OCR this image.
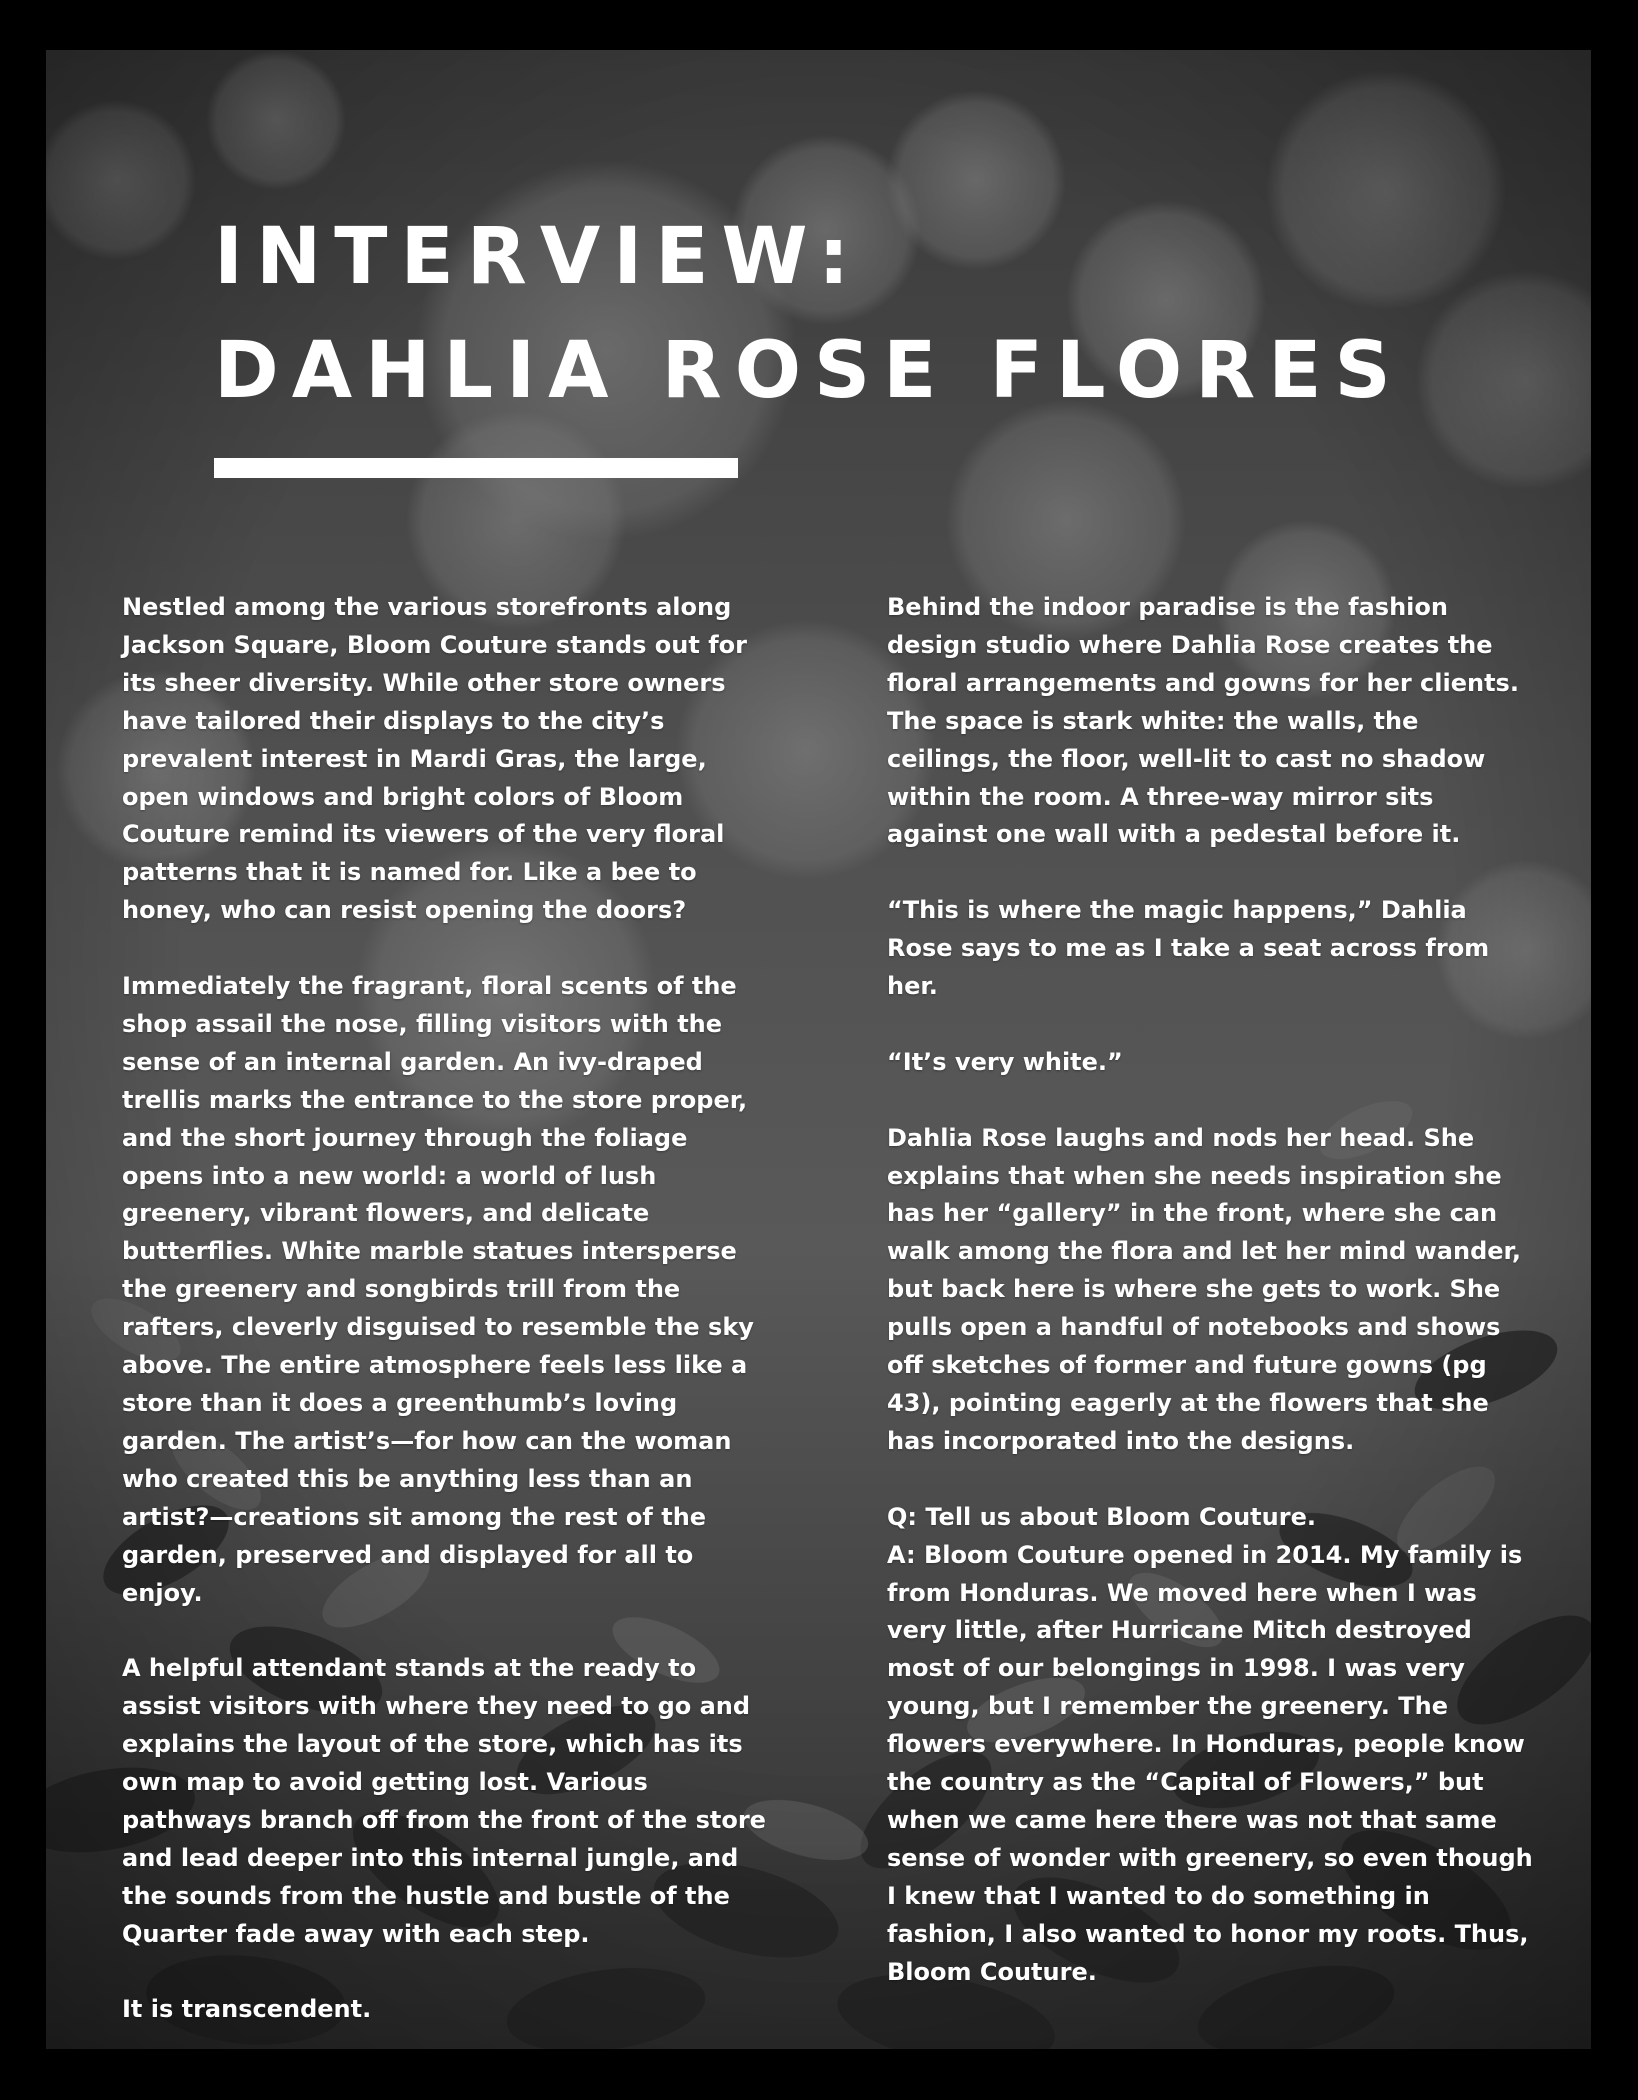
INTERVIEW:
DAHLIA ROSE FLORES

Nestled among the various storefronts along Jackson Square, Bloom Couture stands out for its sheer diversity. While other store owners have tailored their displays to the city’s prevalent interest in Mardi Gras, the large, open windows and bright colors of Bloom Couture remind its viewers of the very floral patterns that it is named for. Like a bee to honey, who can resist opening the doors?

Immediately the fragrant, floral scents of the shop assail the nose, filling visitors with the sense of an internal garden. An ivy-draped trellis marks the entrance to the store proper, and the short journey through the foliage opens into a new world: a world of lush greenery, vibrant flowers, and delicate butterflies. White marble statues intersperse the greenery and songbirds trill from the rafters, cleverly disguised to resemble the sky above. The entire atmosphere feels less like a store than it does a greenthumb’s loving garden. The artist’s—for how can the woman who created this be anything less than an artist?—creations sit among the rest of the garden, preserved and displayed for all to enjoy.

A helpful attendant stands at the ready to assist visitors with where they need to go and explains the layout of the store, which has its own map to avoid getting lost. Various pathways branch off from the front of the store and lead deeper into this internal jungle, and the sounds from the hustle and bustle of the Quarter fade away with each step.

It is transcendent.

Behind the indoor paradise is the fashion design studio where Dahlia Rose creates the floral arrangements and gowns for her clients. The space is stark white: the walls, the ceilings, the floor, well-lit to cast no shadow within the room. A three-way mirror sits against one wall with a pedestal before it.

“This is where the magic happens,” Dahlia Rose says to me as I take a seat across from her.

“It’s very white.”

Dahlia Rose laughs and nods her head. She explains that when she needs inspiration she has her “gallery” in the front, where she can walk among the flora and let her mind wander, but back here is where she gets to work. She pulls open a handful of notebooks and shows off sketches of former and future gowns (pg 43), pointing eagerly at the flowers that she has incorporated into the designs.

Q: Tell us about Bloom Couture.
A: Bloom Couture opened in 2014. My family is from Honduras. We moved here when I was very little, after Hurricane Mitch destroyed most of our belongings in 1998. I was very young, but I remember the greenery. The flowers everywhere. In Honduras, people know the country as the “Capital of Flowers,” but when we came here there was not that same sense of wonder with greenery, so even though I knew that I wanted to do something in fashion, I also wanted to honor my roots. Thus, Bloom Couture.
